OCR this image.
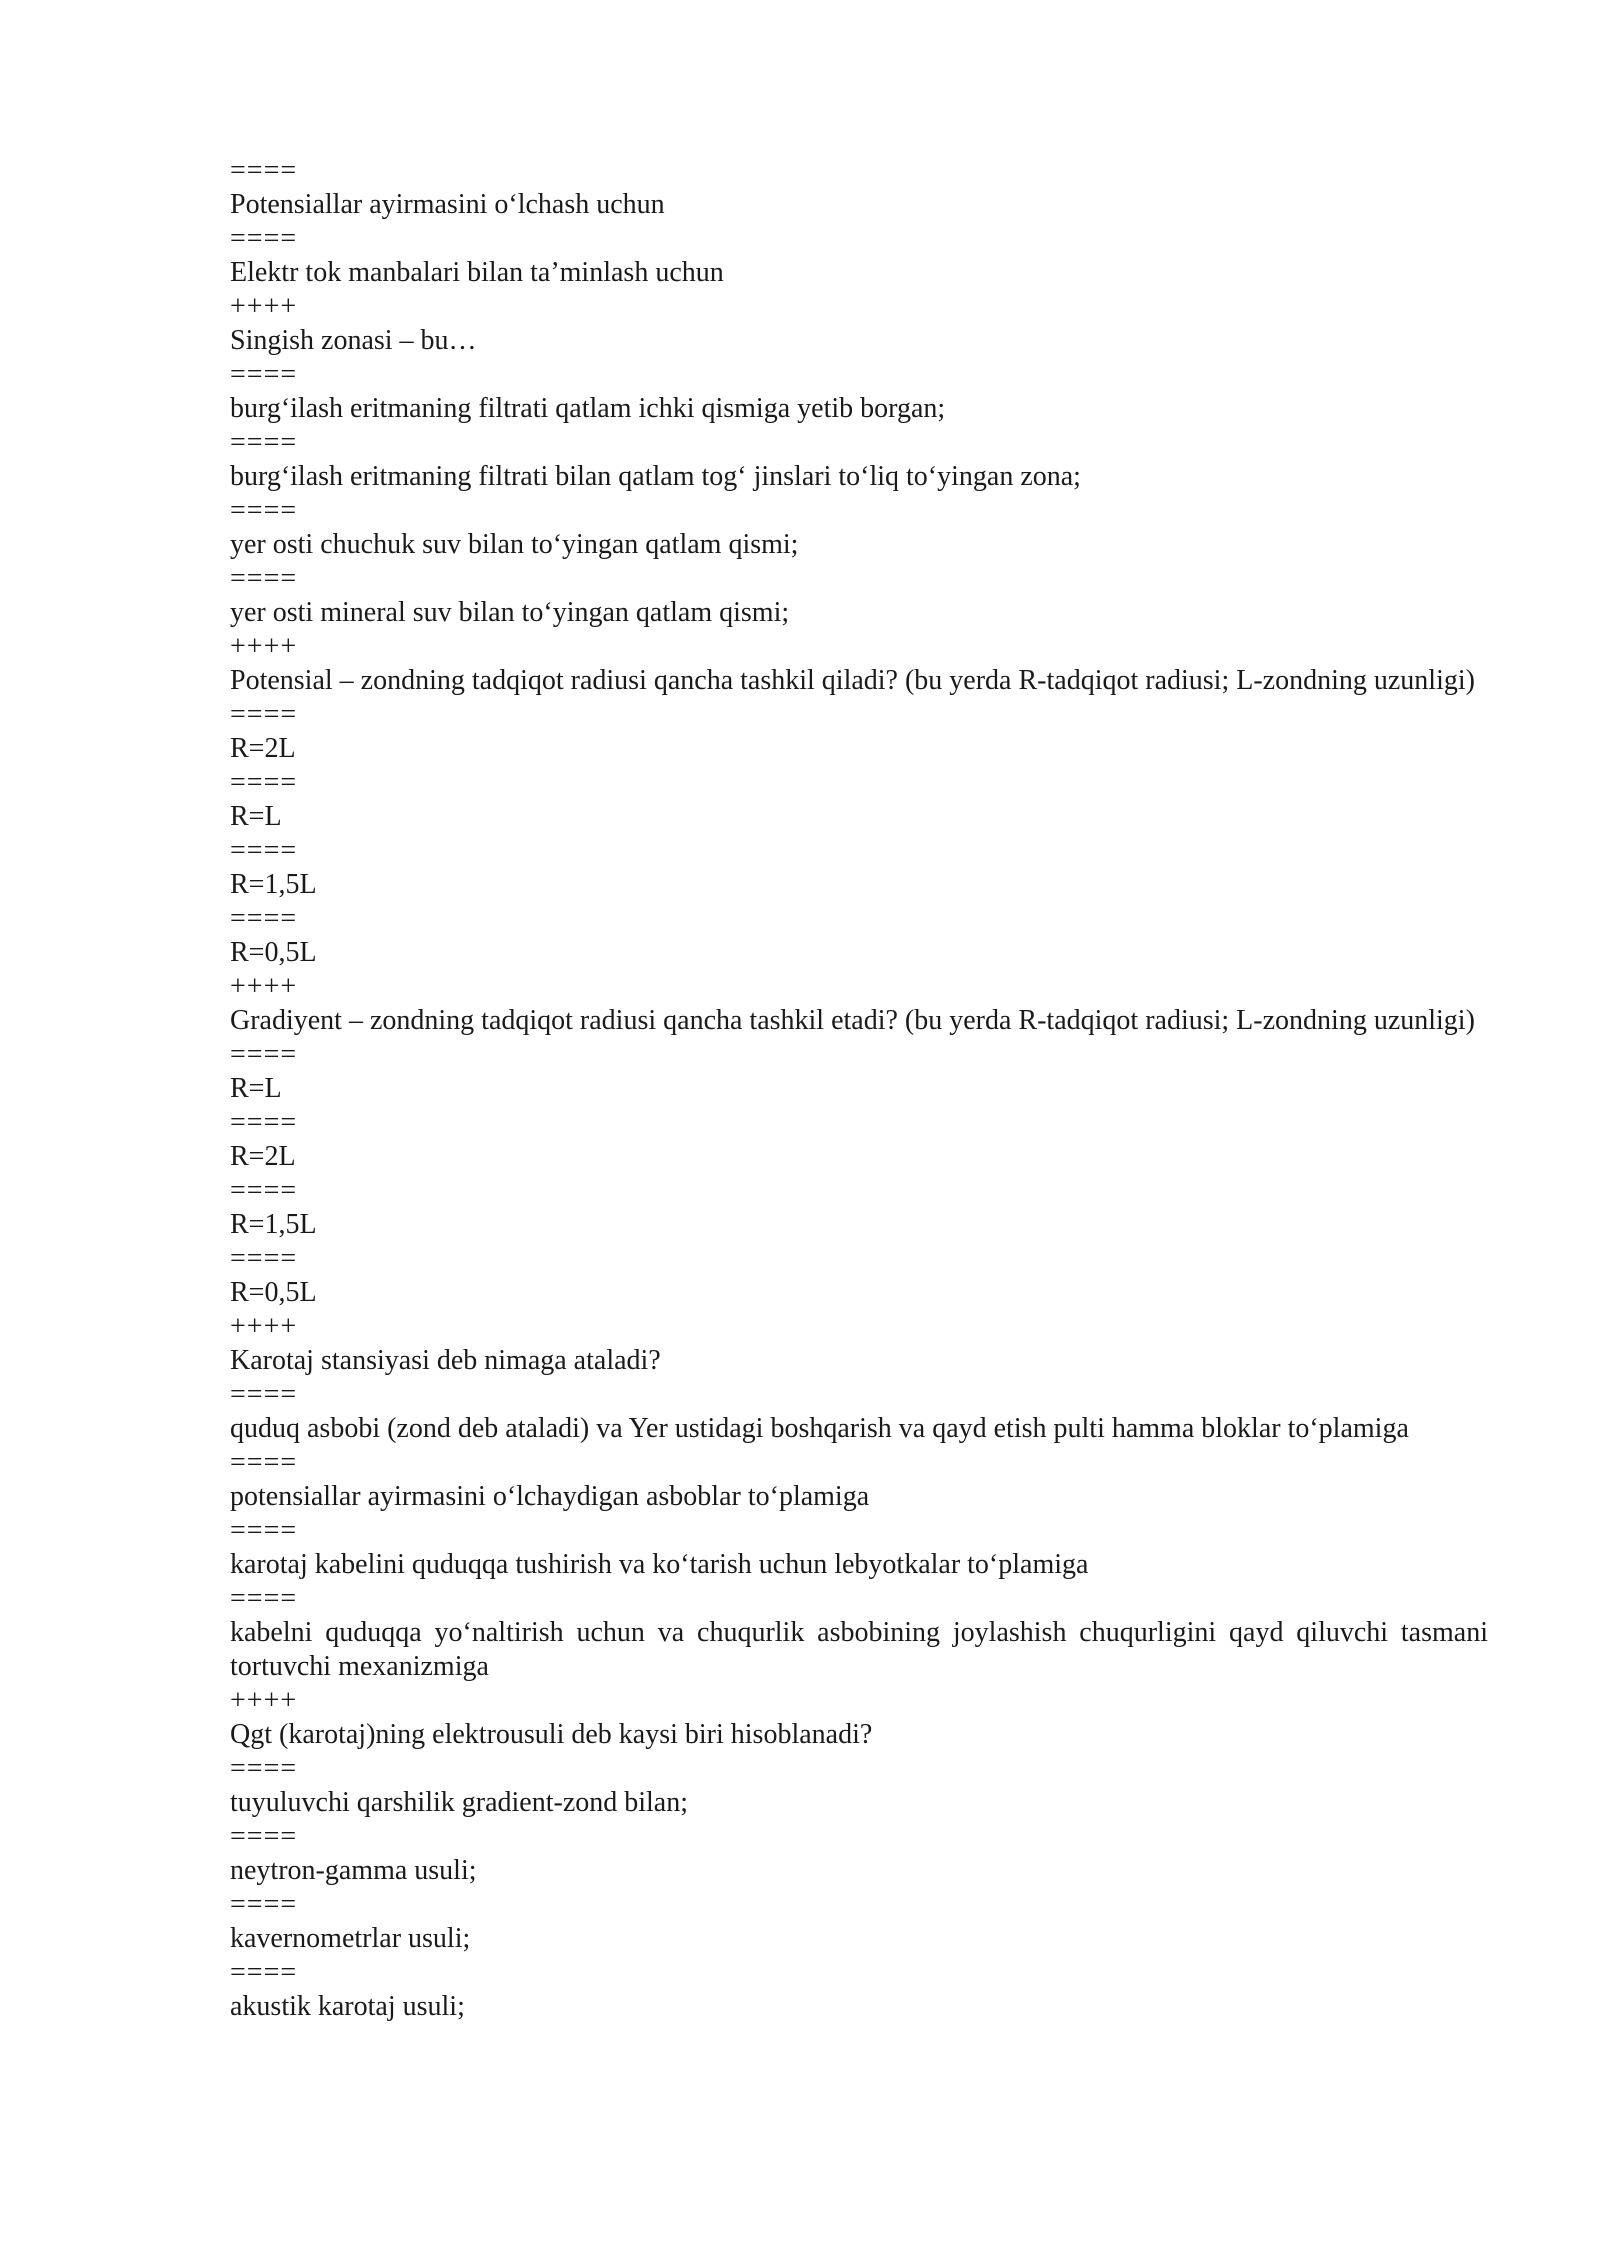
====
Potensiallar ayirmasini o‘lchash uchun
====
Elektr tok manbalari bilan ta’minlash uchun
++++
Singish zonasi – bu…
====
burg‘ilash eritmaning filtrati qatlam ichki qismiga yetib borgan;
====
burg‘ilash eritmaning filtrati bilan qatlam tog‘ jinslari to‘liq to‘yingan zona;
====
yer osti chuchuk suv bilan to‘yingan qatlam qismi;
====
yer osti mineral suv bilan to‘yingan qatlam qismi;
++++
Potensial – zondning tadqiqot radiusi qancha tashkil qiladi? (bu yerda R-tadqiqot radiusi; L-zondning uzunligi)
====
R=2L
====
R=L
====
R=1,5L
====
R=0,5L
++++
Gradiyent – zondning tadqiqot radiusi qancha tashkil etadi? (bu yerda R-tadqiqot radiusi; L-zondning uzunligi)
====
R=L
====
R=2L
====
R=1,5L
====
R=0,5L
++++
Karotaj stansiyasi deb nimaga ataladi?
====
quduq asbobi (zond deb ataladi) va Yer ustidagi boshqarish va qayd etish pulti hamma bloklar to‘plamiga
====
potensiallar ayirmasini o‘lchaydigan asboblar to‘plamiga
====
karotaj kabelini quduqqa tushirish va ko‘tarish uchun lebyotkalar to‘plamiga
====
kabelni quduqqa yo‘naltirish uchun va chuqurlik asbobining joylashish chuqurligini qayd qiluvchi tasmani tortuvchi mexanizmiga
++++
Qgt (karotaj)ning elektrousuli deb kaysi biri hisoblanadi?
====
tuyuluvchi qarshilik gradient-zond bilan;
====
neytron-gamma usuli;
====
kavernometrlar usuli;
====
akustik karotaj usuli;
